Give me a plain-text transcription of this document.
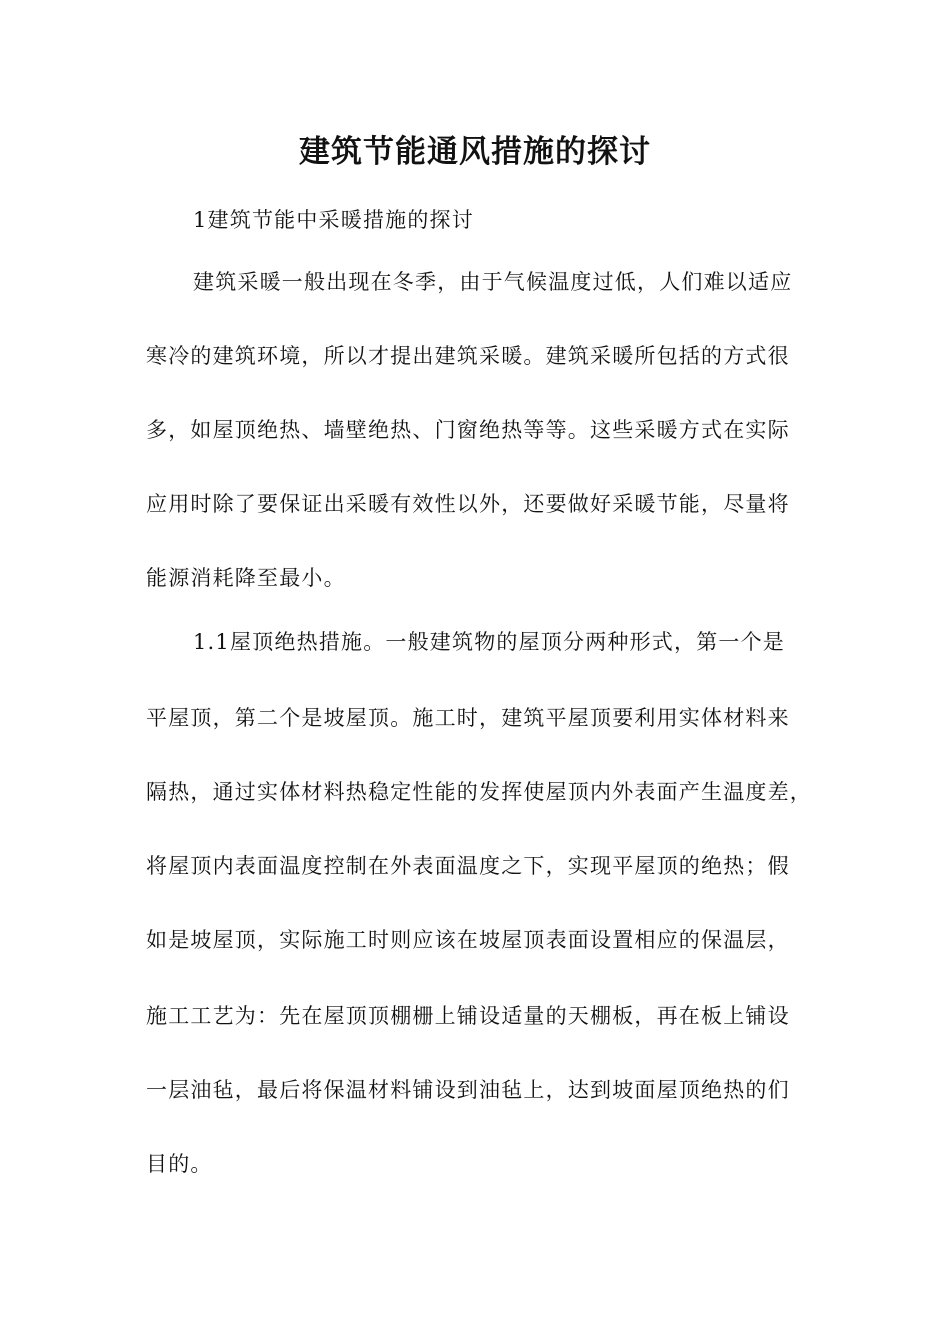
建筑节能通风措施的探讨
1建筑节能中采暖措施的探讨
建筑采暖一般出现在冬季，由于气候温度过低，人们难以适应
寒冷的建筑环境，所以才提出建筑采暖。建筑采暖所包括的方式很
多，如屋顶绝热、墙壁绝热、门窗绝热等等。这些采暖方式在实际
应用时除了要保证出采暖有效性以外，还要做好采暖节能，尽量将
能源消耗降至最小。
1.1屋顶绝热措施。一般建筑物的屋顶分两种形式，第一个是
平屋顶，第二个是坡屋顶。施工时，建筑平屋顶要利用实体材料来
隔热，通过实体材料热稳定性能的发挥使屋顶内外表面产生温度差，
将屋顶内表面温度控制在外表面温度之下，实现平屋顶的绝热；假
如是坡屋顶，实际施工时则应该在坡屋顶表面设置相应的保温层，
施工工艺为：先在屋顶顶棚栅上铺设适量的天棚板，再在板上铺设
一层油毡，最后将保温材料铺设到油毡上，达到坡面屋顶绝热的们
目的。
